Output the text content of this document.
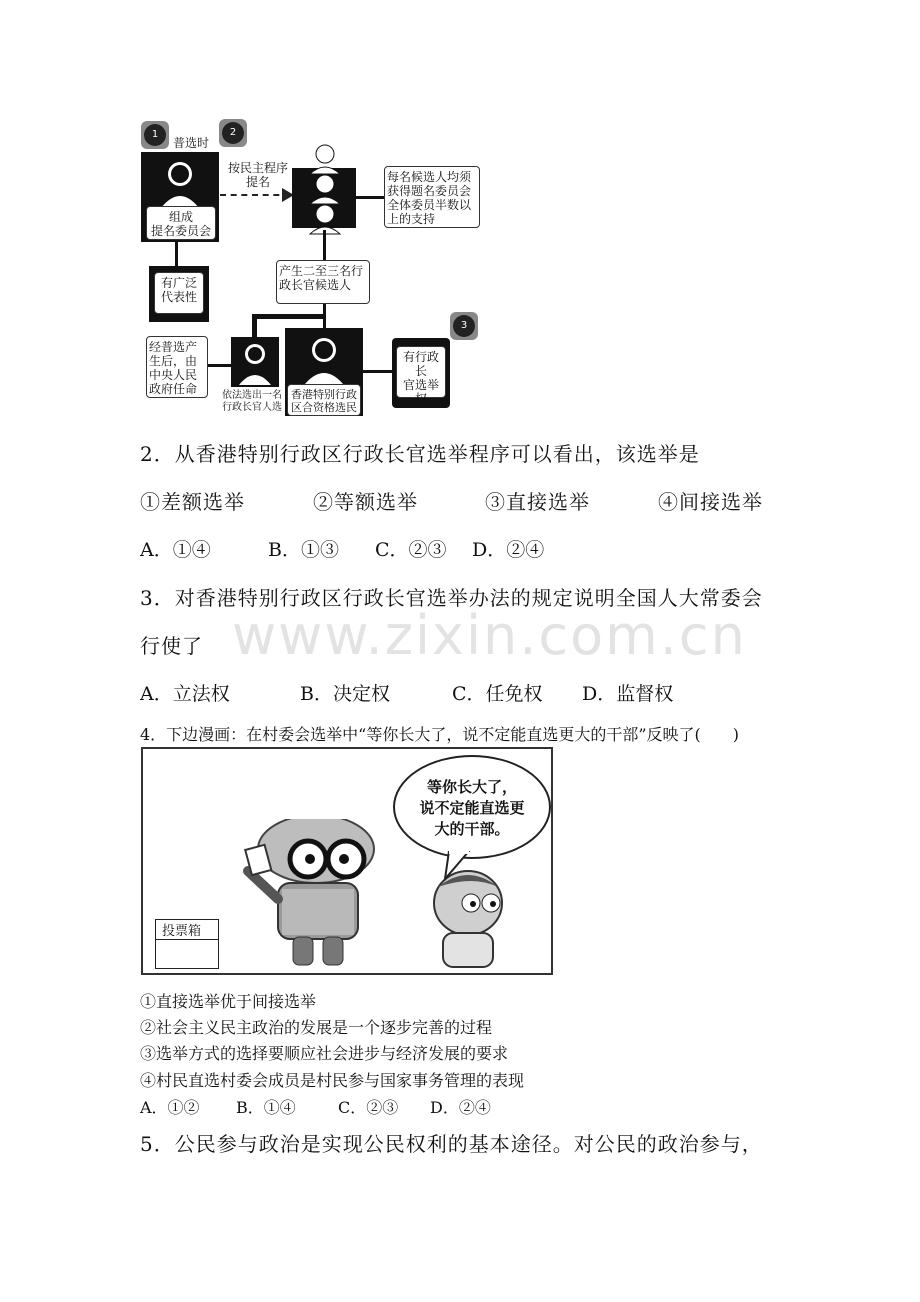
1	2
3
普选时
组成
提名委员会
按民主程序
提名	每名候选人均须
获得题名委员会
全体委员半数以
上的支持
有广泛
代表性
产生二至三名行
政长官候选人
经普选产
生后，由
中央人民
政府任命	依法选出一名
行政长官人选
香港特别行政
区合资格选民
有行政长
官选举权
2．从香港特别行政区行政长官选举程序可以看出，该选举是
①差额选举	②等额选举	③直接选举	④间接选举
A．①④	B．①③ C．②③ D．②④
3．对香港特别行政区行政长官选举办法的规定说明全国人大常委会
www.zixin.com.cn
行使了
A．立法权	B．决定权	C．任免权 D．监督权
4．下边漫画：在村委会选举中“等你长大了，说不定能直选更大的干部”反映了(　　)
投票箱
等你长大了，
说不定能直选更
大的干部。
①直接选举优于间接选举
②社会主义民主政治的发展是一个逐步完善的过程
③选举方式的选择要顺应社会进步与经济发展的要求
④村民直选村委会成员是村民参与国家事务管理的表现
A．①② B．①④	C．②③ D．②④
5．公民参与政治是实现公民权利的基本途径。对公民的政治参与，
